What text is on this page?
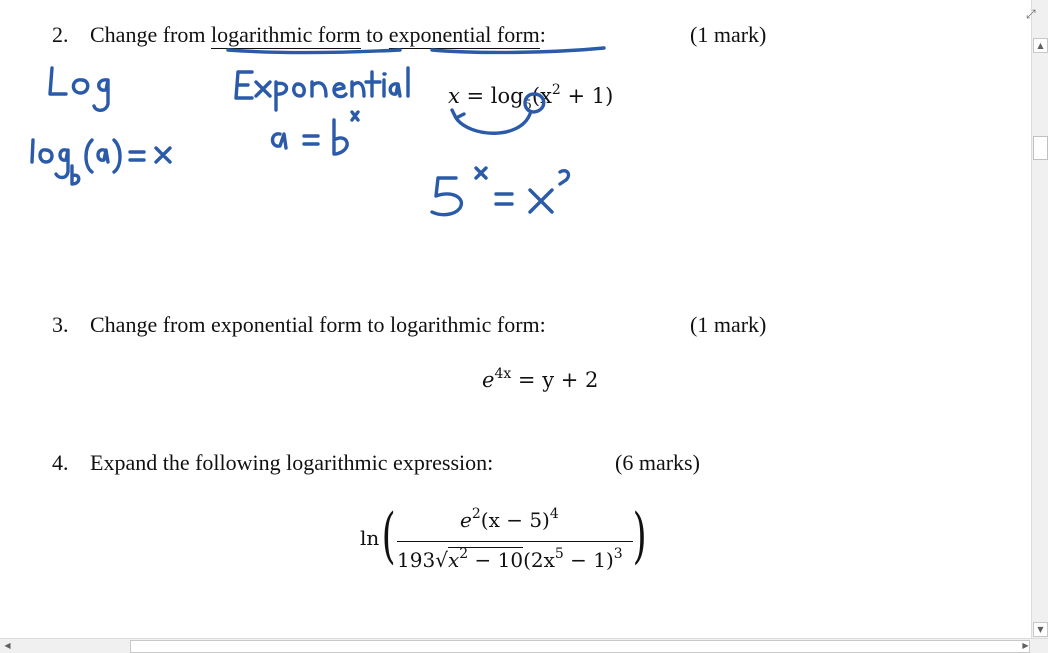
2. Change from logarithmic form to exponential form:	(1 mark)
$x = \log_5(x^2 + 1)$
3. Change from exponential form to logarithmic form:	(1 mark)
$e^{4x} = y + 2$
4. Expand the following logarithmic expression:	(6 marks)
ln (	)
$e^2(x - 5)^4$
$193√x^2 - 10(2x^5 - 1)^3$
⤢
▲
▼
◀	▶
